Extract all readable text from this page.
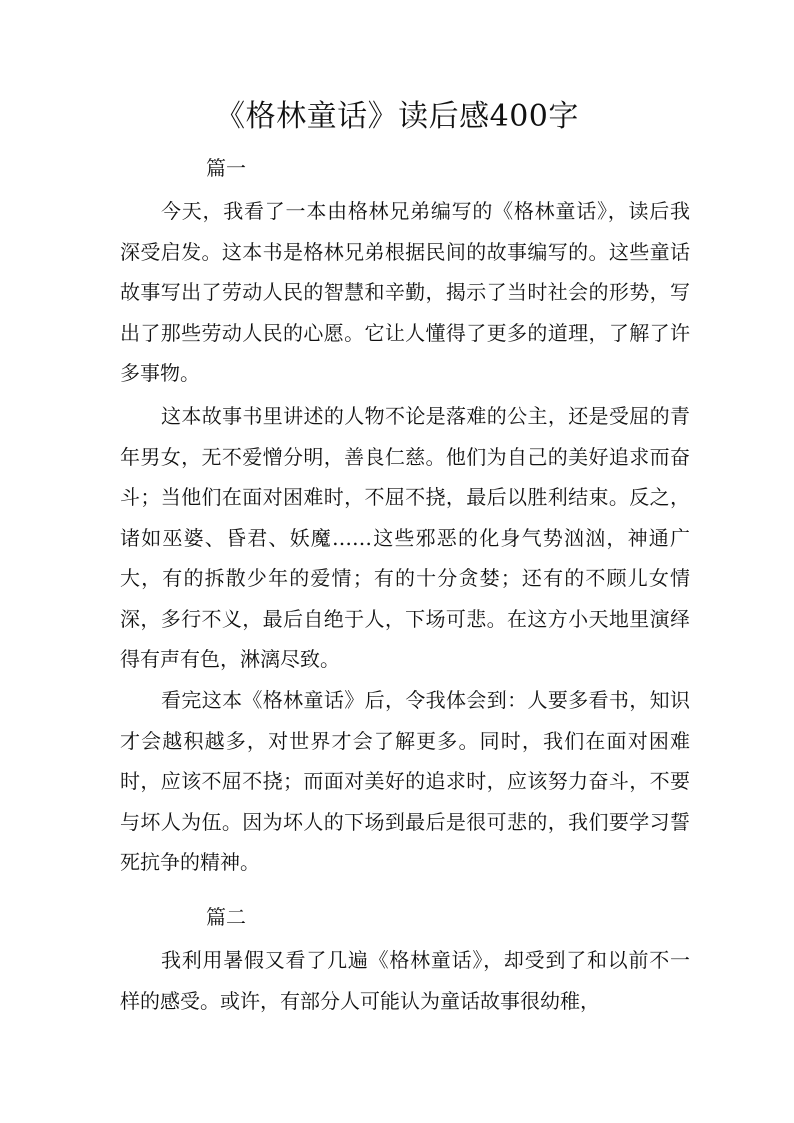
《格林童话》读后感400字
篇一

今天，我看了一本由格林兄弟编写的《格林童话》，读后我深受启发。这本书是格林兄弟根据民间的故事编写的。这些童话故事写出了劳动人民的智慧和辛勤，揭示了当时社会的形势，写出了那些劳动人民的心愿。它让人懂得了更多的道理，了解了许多事物。

这本故事书里讲述的人物不论是落难的公主，还是受屈的青年男女，无不爱憎分明，善良仁慈。他们为自己的美好追求而奋斗；当他们在面对困难时，不屈不挠，最后以胜利结束。反之，诸如巫婆、昏君、妖魔……这些邪恶的化身气势汹汹，神通广大，有的拆散少年的爱情；有的十分贪婪；还有的不顾儿女情深，多行不义，最后自绝于人，下场可悲。在这方小天地里演绎得有声有色，淋漓尽致。

看完这本《格林童话》后，令我体会到：人要多看书，知识才会越积越多，对世界才会了解更多。同时，我们在面对困难时，应该不屈不挠；而面对美好的追求时，应该努力奋斗，不要与坏人为伍。因为坏人的下场到最后是很可悲的，我们要学习誓死抗争的精神。

篇二

我利用暑假又看了几遍《格林童话》，却受到了和以前不一样的感受。或许，有部分人可能认为童话故事很幼稚，
